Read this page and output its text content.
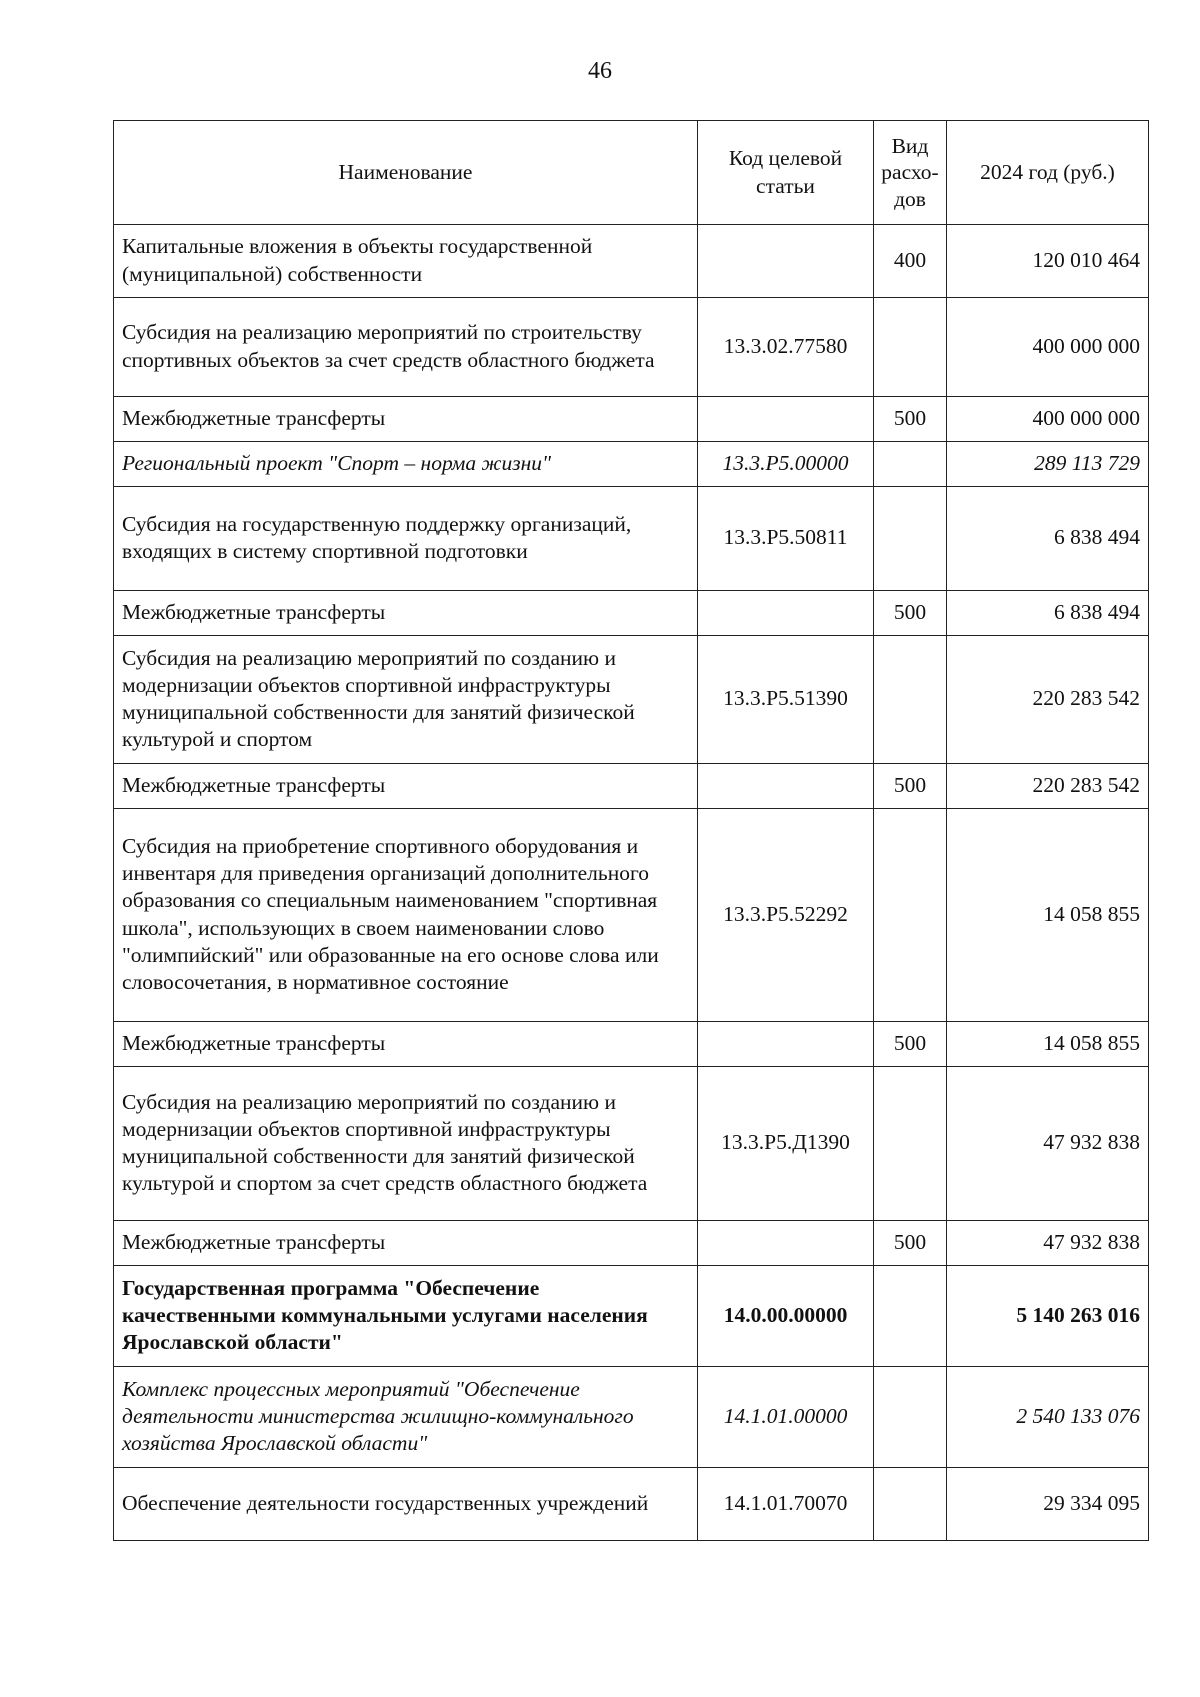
46
Наименование	Код целевой статьи	Вид расхо-дов	2024 год (руб.)
Капитальные вложения в объекты государственной (муниципальной) собственности		400	120 010 464
Субсидия на реализацию мероприятий по строительству спортивных объектов за счет средств областного бюджета	13.3.02.77580		400 000 000
Межбюджетные трансферты		500	400 000 000
Региональный проект "Спорт – норма жизни"	13.3.Р5.00000		289 113 729
Субсидия на государственную поддержку организаций, входящих в систему спортивной подготовки	13.3.Р5.50811		6 838 494
Межбюджетные трансферты		500	6 838 494
Субсидия на реализацию мероприятий по созданию и модернизации объектов спортивной инфраструктуры муниципальной собственности для занятий физической культурой и спортом	13.3.Р5.51390		220 283 542
Межбюджетные трансферты		500	220 283 542
Субсидия на приобретение спортивного оборудования и инвентаря для приведения организаций дополнительного образования со специальным наименованием "спортивная школа", использующих в своем наименовании слово "олимпийский" или образованные на его основе слова или словосочетания, в нормативное состояние	13.3.Р5.52292		14 058 855
Межбюджетные трансферты		500	14 058 855
Субсидия на реализацию мероприятий по созданию и модернизации объектов спортивной инфраструктуры муниципальной собственности для занятий физической культурой и спортом за счет средств областного бюджета	13.3.Р5.Д1390		47 932 838
Межбюджетные трансферты		500	47 932 838
Государственная программа "Обеспечение качественными коммунальными услугами населения Ярославской области"	14.0.00.00000		5 140 263 016
Комплекс процессных мероприятий "Обеспечение деятельности министерства жилищно-коммунального хозяйства Ярославской области"	14.1.01.00000		2 540 133 076
Обеспечение деятельности государственных учреждений	14.1.01.70070		29 334 095
